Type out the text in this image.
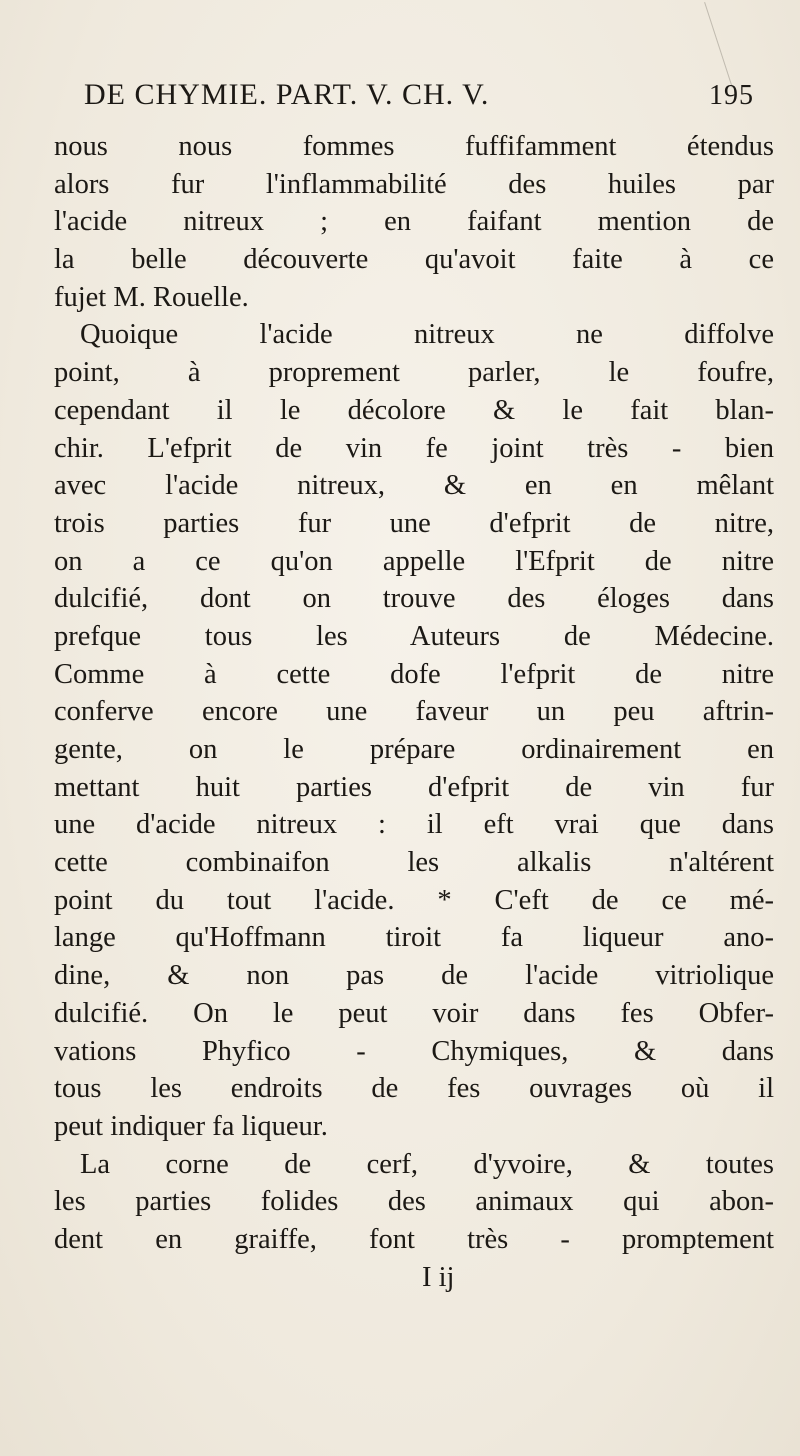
DE CHYMIE. PART. V. CH. V.	195
nous nous fommes fuffifamment étendus
alors fur l'inflammabilité des huiles par
l'acide nitreux ; en faifant mention de
la belle découverte qu'avoit faite à ce
fujet M. Rouelle.
Quoique l'acide nitreux ne diffolve
point, à proprement parler, le foufre,
cependant il le décolore & le fait blan-
chir. L'efprit de vin fe joint très - bien
avec l'acide nitreux, & en en mêlant
trois parties fur une d'efprit de nitre,
on a ce qu'on appelle l'Efprit de nitre
dulcifié, dont on trouve des éloges dans
prefque tous les Auteurs de Médecine.
Comme à cette dofe l'efprit de nitre
conferve encore une faveur un peu aftrin-
gente, on le prépare ordinairement en
mettant huit parties d'efprit de vin fur
une d'acide nitreux : il eft vrai que dans
cette combinaifon les alkalis n'altérent
point du tout l'acide. * C'eft de ce mé-
lange qu'Hoffmann tiroit fa liqueur ano-
dine, & non pas de l'acide vitriolique
dulcifié. On le peut voir dans fes Obfer-
vations Phyfico - Chymiques, & dans
tous les endroits de fes ouvrages où il
peut indiquer fa liqueur.
La corne de cerf, d'yvoire, & toutes
les parties folides des animaux qui abon-
dent en graiffe, font très - promptement
I ij
